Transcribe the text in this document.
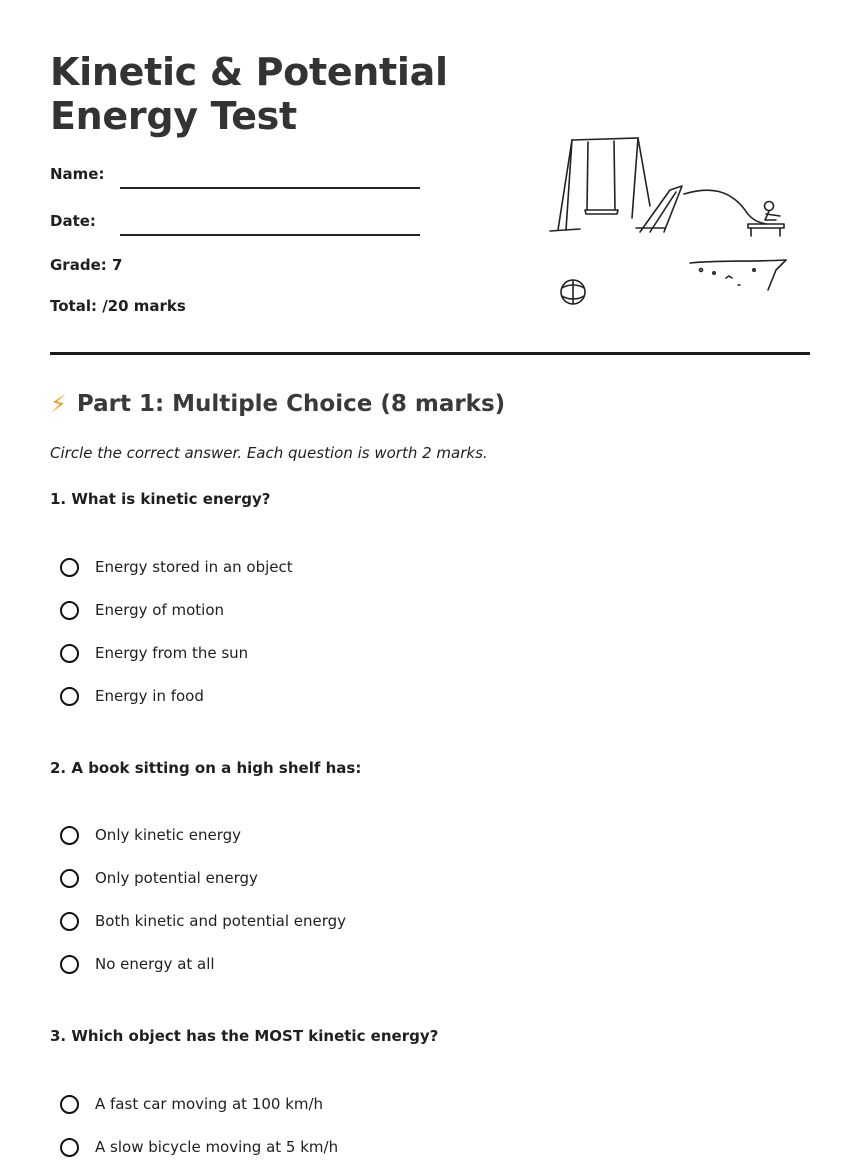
Kinetic & Potential Energy Test
Name:
Date:
Grade: 7
Total: /20 marks
⚡ Part 1: Multiple Choice (8 marks)
Circle the correct answer. Each question is worth 2 marks.
1. What is kinetic energy?
Energy stored in an object
Energy of motion
Energy from the sun
Energy in food
2. A book sitting on a high shelf has:
Only kinetic energy
Only potential energy
Both kinetic and potential energy
No energy at all
3. Which object has the MOST kinetic energy?
A fast car moving at 100 km/h
A slow bicycle moving at 5 km/h
